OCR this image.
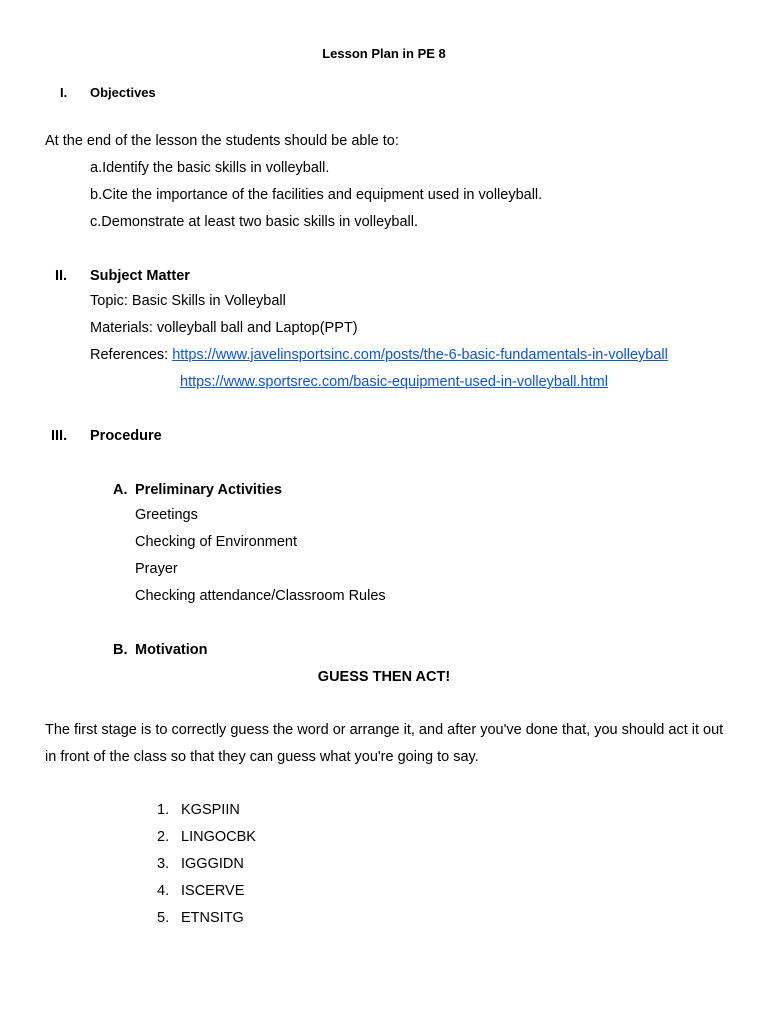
Lesson Plan in PE 8
I. Objectives
At the end of the lesson the students should be able to:
a.Identify the basic skills in volleyball.
b.Cite the importance of the facilities and equipment used in volleyball.
c.Demonstrate at least two basic skills in volleyball.
II. Subject Matter
Topic: Basic Skills in Volleyball
Materials: volleyball ball and Laptop(PPT)
References: https://www.javelinsportsinc.com/posts/the-6-basic-fundamentals-in-volleyball
https://www.sportsrec.com/basic-equipment-used-in-volleyball.html
III. Procedure
A. Preliminary Activities
Greetings
Checking of Environment
Prayer
Checking attendance/Classroom Rules
B. Motivation
GUESS THEN ACT!
The first stage is to correctly guess the word or arrange it, and after you've done that, you should act it out in front of the class so that they can guess what you're going to say.
1. KGSPIIN
2. LINGOCBK
3. IGGGIDN
4. ISCERVE
5. ETNSITG
